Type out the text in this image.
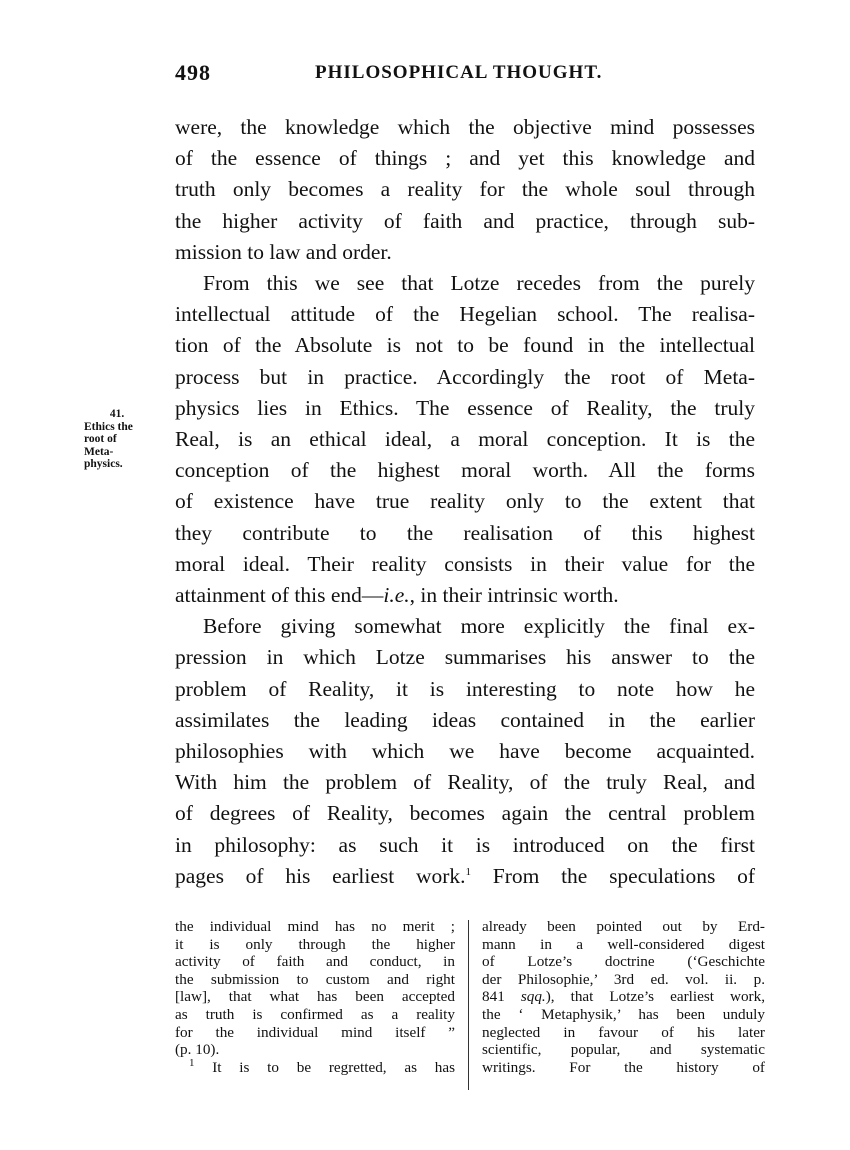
498	PHILOSOPHICAL THOUGHT.
41.
Ethics the
root of
Meta-
physics.

were, the knowledge which the objective mind possesses
of the essence of things ; and yet this knowledge and
truth only becomes a reality for the whole soul through
the higher activity of faith and practice, through sub-
mission to law and order.

From this we see that Lotze recedes from the purely
intellectual attitude of the Hegelian school. The realisa-
tion of the Absolute is not to be found in the intellectual
process but in practice. Accordingly the root of Meta-
physics lies in Ethics. The essence of Reality, the truly
Real, is an ethical ideal, a moral conception. It is the
conception of the highest moral worth. All the forms
of existence have true reality only to the extent that
they contribute to the realisation of this highest
moral ideal. Their reality consists in their value for the
attainment of this end—i.e., in their intrinsic worth.

Before giving somewhat more explicitly the final ex-
pression in which Lotze summarises his answer to the
problem of Reality, it is interesting to note how he
assimilates the leading ideas contained in the earlier
philosophies with which we have become acquainted.
With him the problem of Reality, of the truly Real, and
of degrees of Reality, becomes again the central problem
in philosophy: as such it is introduced on the first
pages of his earliest work.$^1$ From the speculations of

the individual mind has no merit ;
it is only through the higher
activity of faith and conduct, in
the submission to custom and right
[law], that what has been accepted
as truth is confirmed as a reality
for the individual mind itself ”
(p. 10).
$^1$ It is to be regretted, as has
already been pointed out by Erd-
mann in a well-considered digest
of Lotze’s doctrine (‘Geschichte
der Philosophie,’ 3rd ed. vol. ii. p.
841 sqq.), that Lotze’s earliest work,
the ‘ Metaphysik,’ has been unduly
neglected in favour of his later
scientific, popular, and systematic
writings. For the history of
